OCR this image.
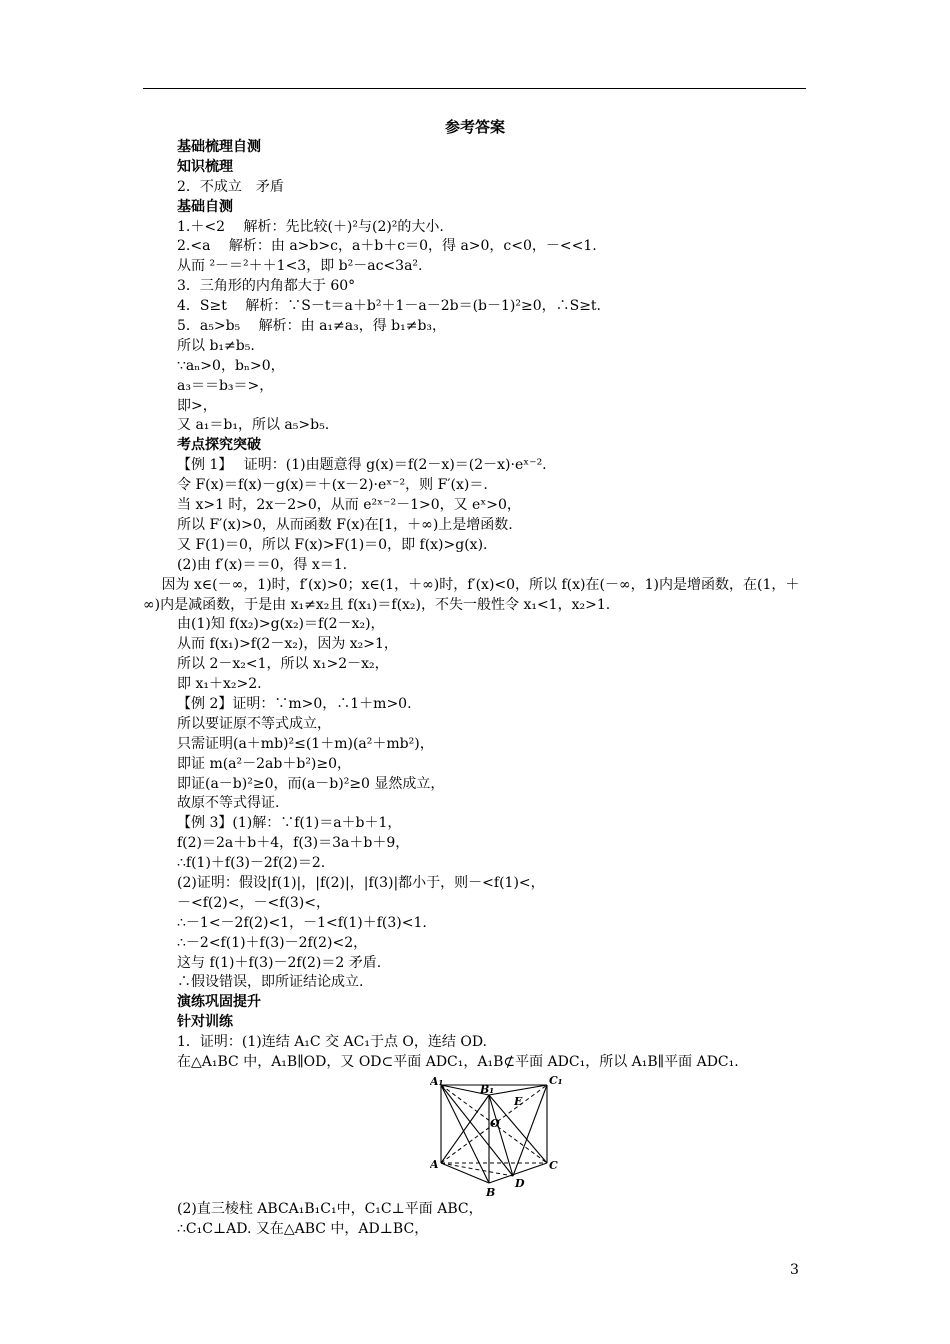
参考答案
基础梳理自测
知识梳理
2．不成立　矛盾
基础自测
1.＋<2　 解析：先比较(＋)²与(2)²的大小.
2.<a　 解析：由 a>b>c，a＋b＋c＝0，得 a>0，c<0，－<<1.
从而 ²－＝²＋＋1<3，即 b²－ac<3a².
3．三角形的内角都大于 60°
4．S≥t　 解析：∵S－t＝a＋b²＋1－a－2b＝(b－1)²≥0，∴S≥t.
5．a₅>b₅　 解析：由 a₁≠a₃，得 b₁≠b₃，
所以 b₁≠b₅.
∵aₙ>0，bₙ>0，
a₃＝＝b₃＝>，
即>，
又 a₁＝b₁，所以 a₅>b₅.
考点探究突破
【例 1】　 证明：(1)由题意得 g(x)＝f(2－x)＝(2－x)·eˣ⁻².
令 F(x)＝f(x)－g(x)＝＋(x－2)·eˣ⁻²，则 F′(x)＝.
当 x>1 时，2x－2>0，从而 e²ˣ⁻²－1>0，又 eˣ>0，
所以 F′(x)>0，从而函数 F(x)在[1，＋∞)上是增函数.
又 F(1)＝0，所以 F(x)>F(1)＝0，即 f(x)>g(x).
(2)由 f′(x)＝＝0，得 x＝1.
　 因为 x∈(－∞，1)时，f′(x)>0；x∈(1，＋∞)时，f′(x)<0，所以 f(x)在(－∞，1)内是增函数，在(1，＋∞)内是减函数，于是由 x₁≠x₂且 f(x₁)＝f(x₂)，不失一般性令 x₁<1，x₂>1.
由(1)知 f(x₂)>g(x₂)＝f(2－x₂)，
从而 f(x₁)>f(2－x₂)，因为 x₂>1，
所以 2－x₂<1，所以 x₁>2－x₂，
即 x₁＋x₂>2.
【例 2】证明：∵m>0，∴1＋m>0.
所以要证原不等式成立，
只需证明(a＋mb)²≤(1＋m)(a²＋mb²)，
即证 m(a²－2ab＋b²)≥0，
即证(a－b)²≥0，而(a－b)²≥0 显然成立，
故原不等式得证.
【例 3】(1)解：∵f(1)＝a＋b＋1，
f(2)＝2a＋b＋4，f(3)＝3a＋b＋9，
∴f(1)＋f(3)－2f(2)＝2.
(2)证明：假设|f(1)|，|f(2)|，|f(3)|都小于，则－<f(1)<，
－<f(2)<，－<f(3)<，
∴－1<－2f(2)<1，－1<f(1)＋f(3)<1.
∴－2<f(1)＋f(3)－2f(2)<2，
这与 f(1)＋f(3)－2f(2)＝2 矛盾.
∴假设错误，即所证结论成立.
演练巩固提升
针对训练
1．证明：(1)连结 A₁C 交 AC₁于点 O，连结 OD.
在△A₁BC 中，A₁B∥OD，又 OD⊂平面 ADC₁，A₁B⊄平面 ADC₁，所以 A₁B∥平面 ADC₁.
A₁
B₁
C₁
E
O
A	C
D
B
(2)直三棱柱 ABCA₁B₁C₁中，C₁C⊥平面 ABC，
∴C₁C⊥AD. 又在△ABC 中，AD⊥BC，
3
